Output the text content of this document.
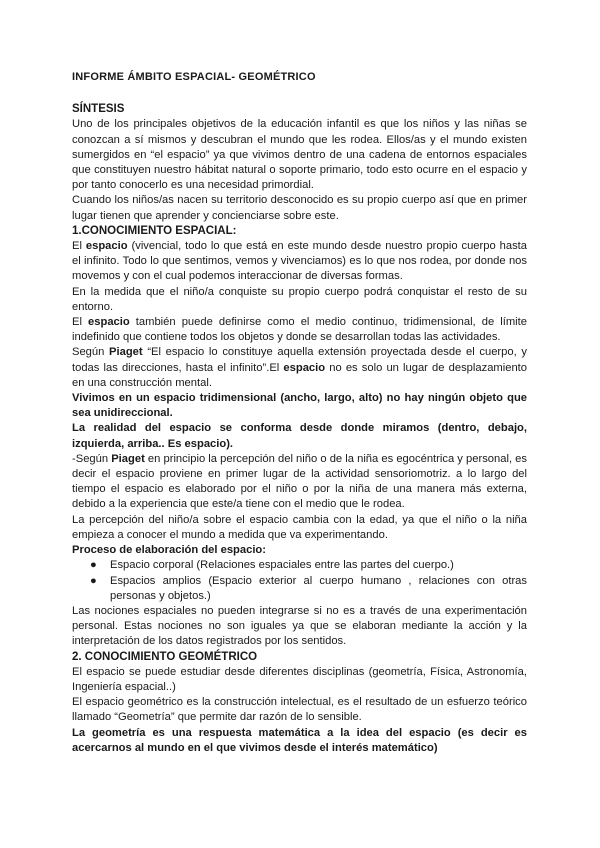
INFORME ÁMBITO ESPACIAL- GEOMÉTRICO
SÍNTESIS

Uno de los principales objetivos de la educación infantil es que los niños y las niñas se conozcan a sí mismos y descubran el mundo que les rodea. Ellos/as y el mundo existen sumergidos en “el espacio” ya que vivimos dentro de una cadena de entornos espaciales que constituyen nuestro hábitat natural o soporte primario, todo esto ocurre en el espacio y por tanto conocerlo es una necesidad primordial.

Cuando los niños/as nacen su territorio desconocido es su propio cuerpo así que en primer lugar tienen que aprender y concienciarse sobre este.

1.CONOCIMIENTO ESPACIAL:

El espacio (vivencial, todo lo que está en este mundo desde nuestro propio cuerpo hasta el infinito. Todo lo que sentimos, vemos y vivenciamos) es lo que nos rodea, por donde nos movemos y con el cual podemos interaccionar de diversas formas.

En la medida que el niño/a conquiste su propio cuerpo podrá conquistar el resto de su entorno.

El espacio también puede definirse como el medio continuo, tridimensional, de límite indefinido que contiene todos los objetos y donde se desarrollan todas las actividades.

Según Piaget “El espacio lo constituye aquella extensión proyectada desde el cuerpo, y todas las direcciones, hasta el infinito”.El espacio no es solo un lugar de desplazamiento en una construcción mental.

Vivimos en un espacio tridimensional (ancho, largo, alto) no hay ningún objeto que sea unidireccional.

La realidad del espacio se conforma desde donde miramos (dentro, debajo, izquierda, arriba.. Es espacio).

-Según Piaget en principio la percepción del niño o de la niña es egocéntrica y personal, es decir el espacio proviene en primer lugar de la actividad sensoriomotriz. a lo largo del tiempo el espacio es elaborado por el niño o por la niña de una manera más externa, debido a la experiencia que este/a tiene con el medio que le rodea.

La percepción del niño/a sobre el espacio cambia con la edad, ya que el niño o la niña empieza a conocer el mundo a medida que va experimentando.

Proceso de elaboración del espacio:

● Espacio corporal (Relaciones espaciales entre las partes del cuerpo.)
● Espacios amplios (Espacio exterior al cuerpo humano , relaciones con otras personas y objetos.)

Las nociones espaciales no pueden integrarse si no es a través de una experimentación personal. Estas nociones no son iguales ya que se elaboran mediante la acción y la interpretación de los datos registrados por los sentidos.

2. CONOCIMIENTO GEOMÉTRICO

El espacio se puede estudiar desde diferentes disciplinas (geometría, Física, Astronomía, Ingeniería espacial..)

El espacio geométrico es la construcción intelectual, es el resultado de un esfuerzo teórico llamado “Geometría” que permite dar razón de lo sensible.

La geometría es una respuesta matemática a la idea del espacio (es decir es acercarnos al mundo en el que vivimos desde el interés matemático)
